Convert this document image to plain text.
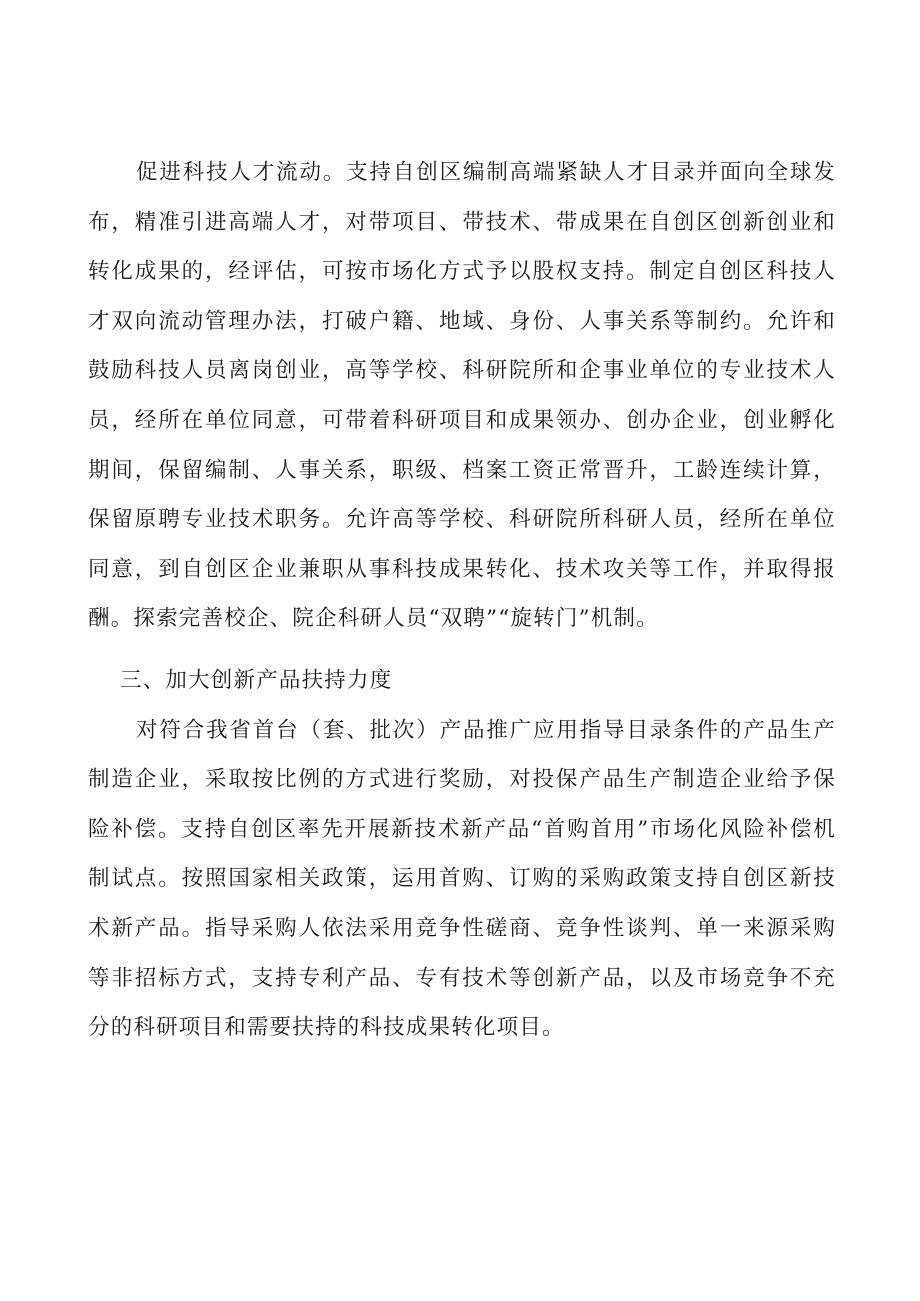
促进科技人才流动。支持自创区编制高端紧缺人才目录并面向全球发布，精准引进高端人才，对带项目、带技术、带成果在自创区创新创业和转化成果的，经评估，可按市场化方式予以股权支持。制定自创区科技人才双向流动管理办法，打破户籍、地域、身份、人事关系等制约。允许和鼓励科技人员离岗创业，高等学校、科研院所和企事业单位的专业技术人员，经所在单位同意，可带着科研项目和成果领办、创办企业，创业孵化期间，保留编制、人事关系，职级、档案工资正常晋升，工龄连续计算，保留原聘专业技术职务。允许高等学校、科研院所科研人员，经所在单位同意，到自创区企业兼职从事科技成果转化、技术攻关等工作，并取得报酬。探索完善校企、院企科研人员“双聘”“旋转门”机制。

三、加大创新产品扶持力度

对符合我省首台（套、批次）产品推广应用指导目录条件的产品生产制造企业，采取按比例的方式进行奖励，对投保产品生产制造企业给予保险补偿。支持自创区率先开展新技术新产品“首购首用”市场化风险补偿机制试点。按照国家相关政策，运用首购、订购的采购政策支持自创区新技术新产品。指导采购人依法采用竞争性磋商、竞争性谈判、单一来源采购等非招标方式，支持专利产品、专有技术等创新产品，以及市场竞争不充分的科研项目和需要扶持的科技成果转化项目。
